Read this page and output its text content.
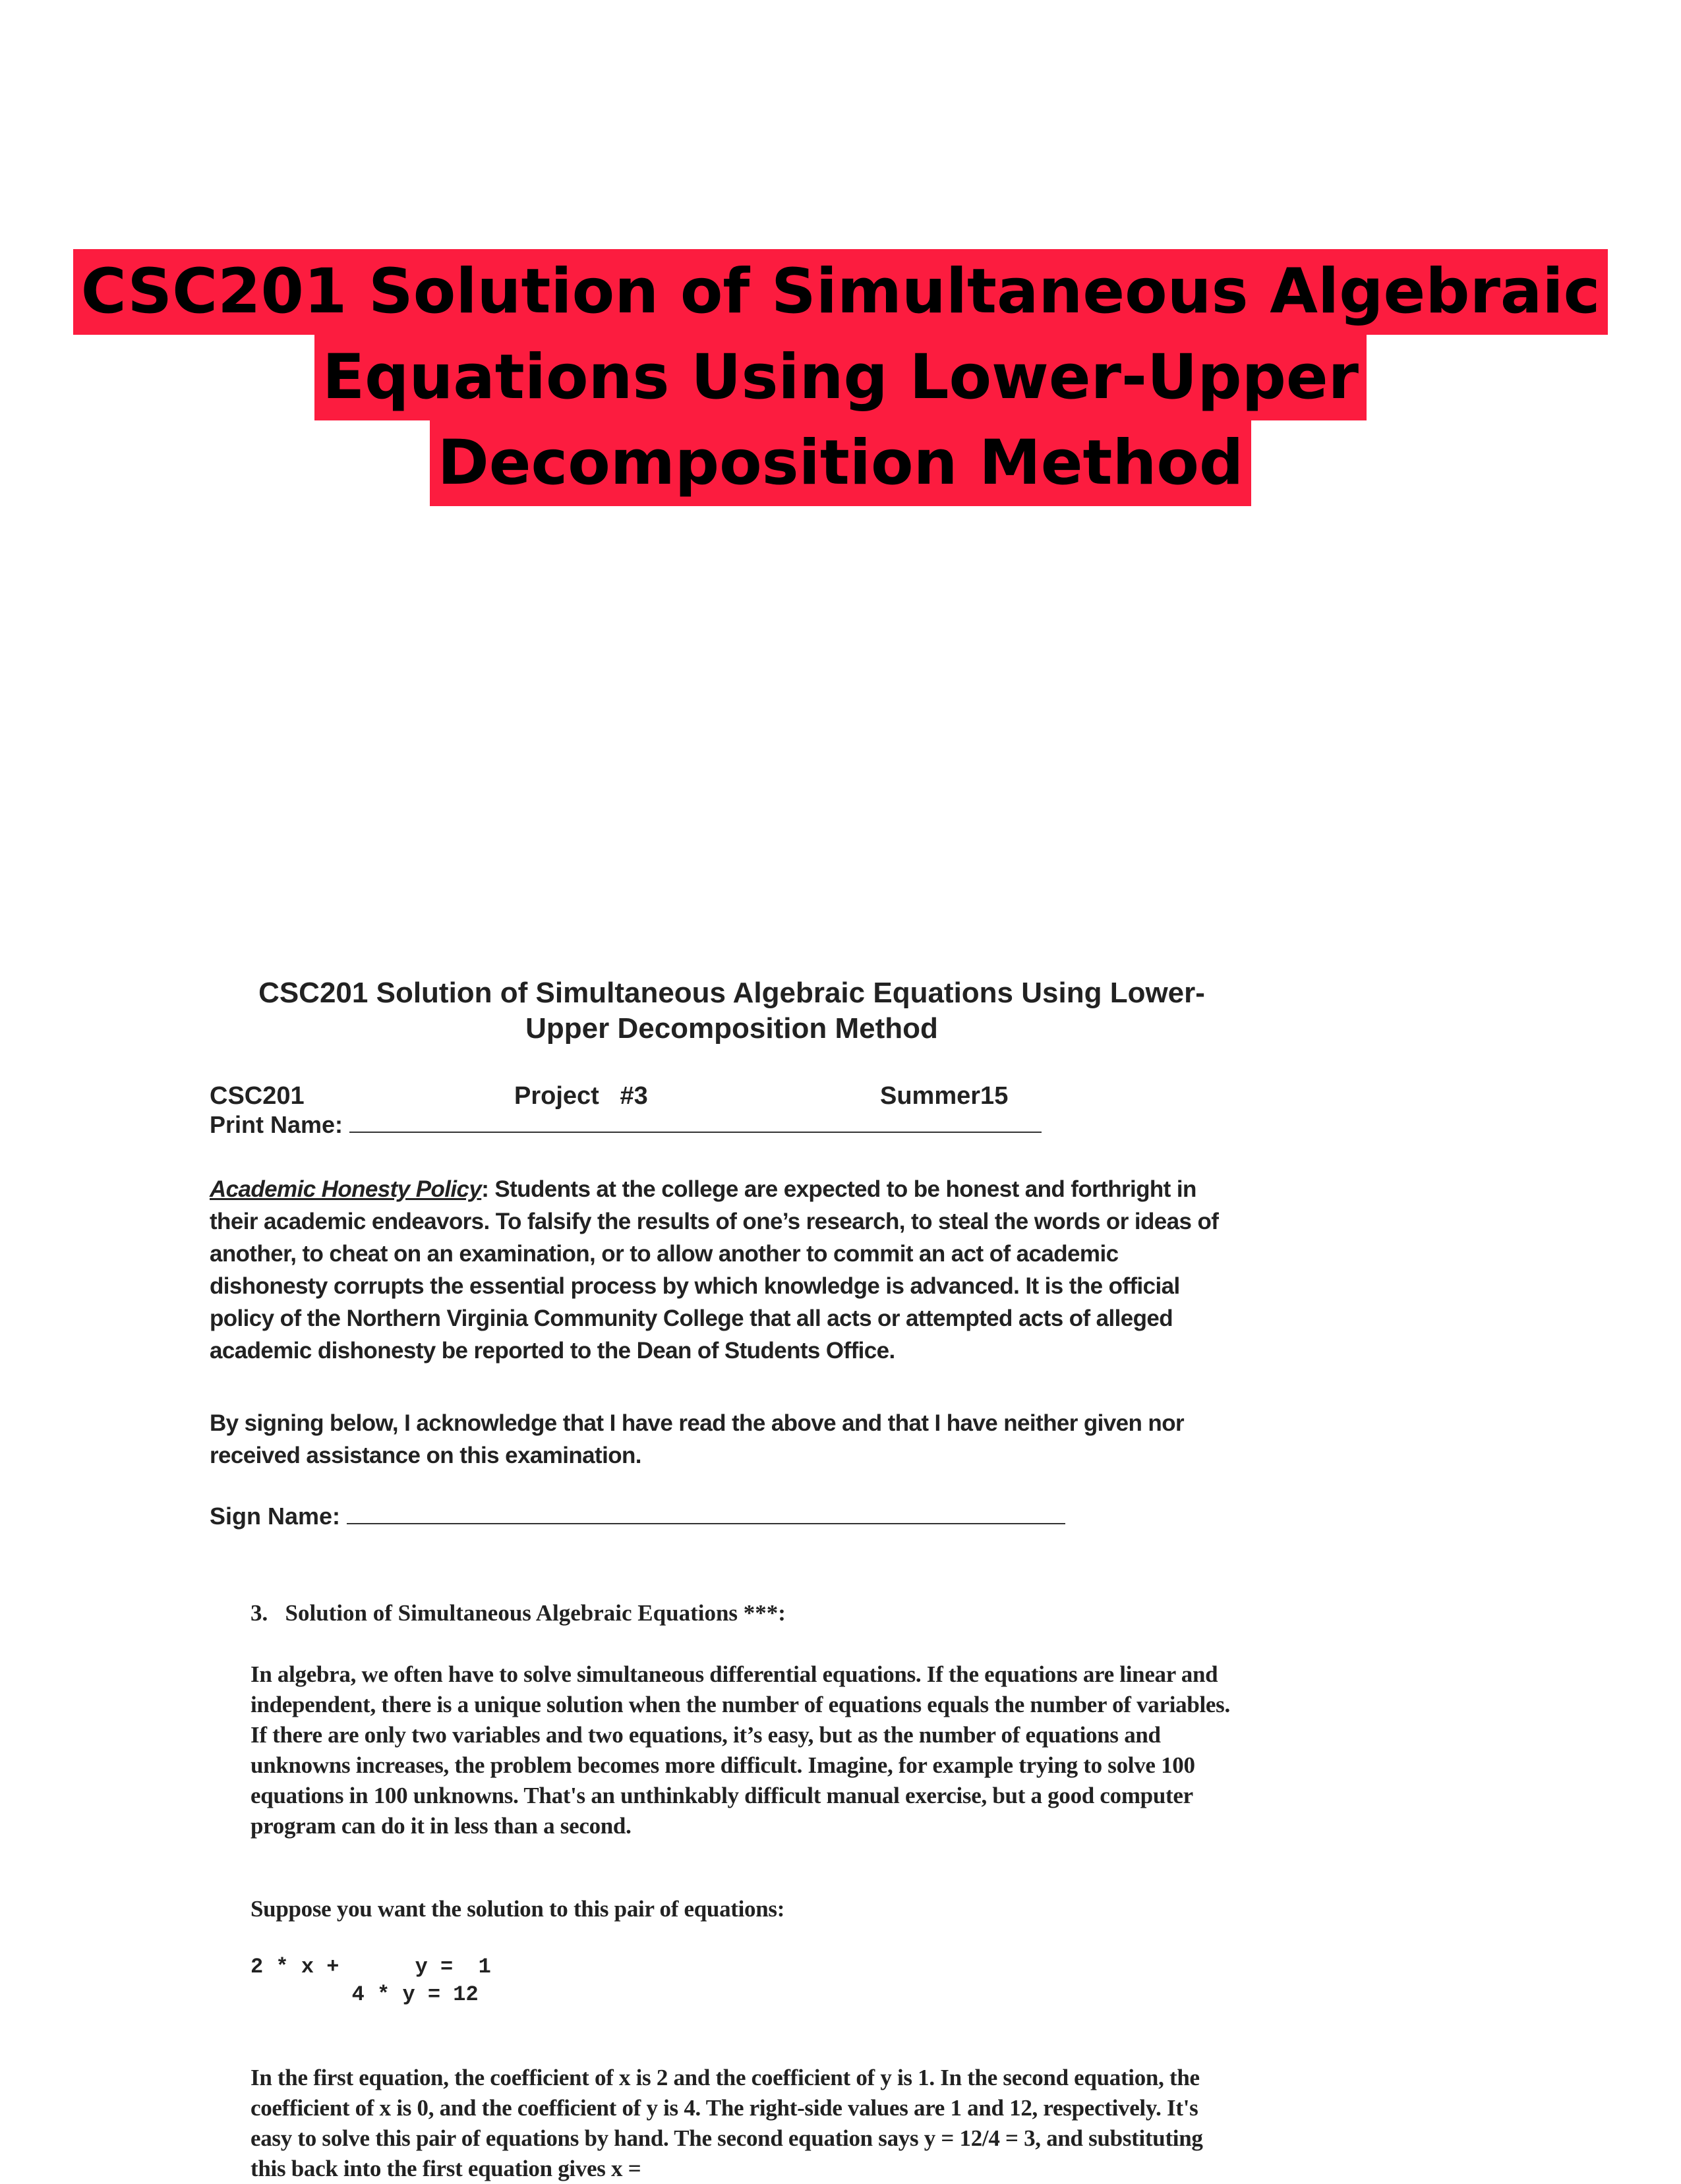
CSC201 Solution of Simultaneous Algebraic
Equations Using Lower-Upper
Decomposition Method
CSC201 Solution of Simultaneous Algebraic Equations Using Lower-
Upper Decomposition Method
CSC201	Project   #3	Summer15
Print Name:
Academic Honesty Policy: Students at the college are expected to be honest and forthright in their academic endeavors. To falsify the results of one’s research, to steal the words or ideas of another, to cheat on an examination, or to allow another to commit an act of academic dishonesty corrupts the essential process by which knowledge is advanced. It is the official policy of the Northern Virginia Community College that all acts or attempted acts of alleged academic dishonesty be reported to the Dean of Students Office.
By signing below, I acknowledge that I have read the above and that I have neither given nor received assistance on this examination.
Sign Name:
3.   Solution of Simultaneous Algebraic Equations ***:
In algebra, we often have to solve simultaneous differential equations. If the equations are linear and independent, there is a unique solution when the number of equations equals the number of variables. If there are only two variables and two equations, it’s easy, but as the number of equations and unknowns increases, the problem becomes more difficult. Imagine, for example trying to solve 100 equations in 100 unknowns. That's an unthinkably difficult manual exercise, but a good computer program can do it in less than a second.
Suppose you want the solution to this pair of equations:
2 * x +      y =  1
4 * y = 12
In the first equation, the coefficient of x is 2 and the coefficient of y is 1. In the second equation, the coefficient of x is 0, and the coefficient of y is 4. The right-side values are 1 and 12, respectively. It's easy to solve this pair of equations by hand. The second equation says y = 12/4 = 3, and substituting this back into the first equation gives x =
